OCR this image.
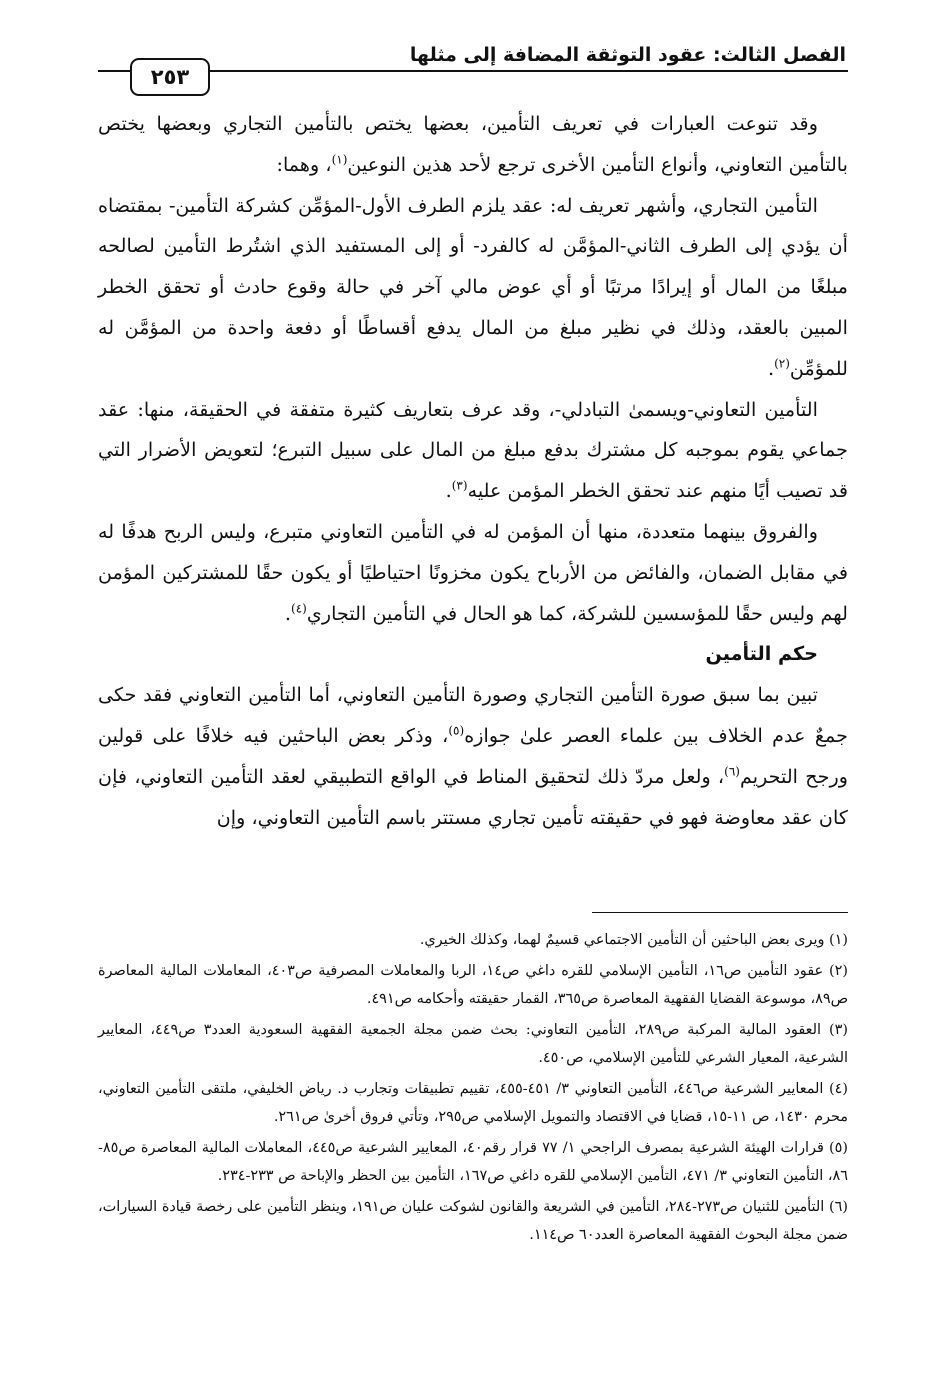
الفصل الثالث: عقود التوثقة المضافة إلى مثلها
٢٥٣

وقد تنوعت العبارات في تعريف التأمين، بعضها يختص بالتأمين التجاري وبعضها يختص بالتأمين التعاوني، وأنواع التأمين الأخرى ترجع لأحد هذين النوعين$^{(١)}$، وهما:

التأمين التجاري، وأشهر تعريف له: عقد يلزم الطرف الأول-المؤمِّن كشركة التأمين- بمقتضاه أن يؤدي إلى الطرف الثاني-المؤمَّن له كالفرد- أو إلى المستفيد الذي اشتُرط التأمين لصالحه مبلغًا من المال أو إيرادًا مرتبًا أو أي عوض مالي آخر في حالة وقوع حادث أو تحقق الخطر المبين بالعقد، وذلك في نظير مبلغ من المال يدفع أقساطًا أو دفعة واحدة من المؤمَّن له للمؤمِّن$^{(٢)}$.

التأمين التعاوني-ويسمىٰ التبادلي-، وقد عرف بتعاريف كثيرة متفقة في الحقيقة، منها: عقد جماعي يقوم بموجبه كل مشترك بدفع مبلغ من المال على سبيل التبرع؛ لتعويض الأضرار التي قد تصيب أيًا منهم عند تحقق الخطر المؤمن عليه$^{(٣)}$.

والفروق بينهما متعددة، منها أن المؤمن له في التأمين التعاوني متبرع، وليس الربح هدفًا له في مقابل الضمان، والفائض من الأرباح يكون مخزونًا احتياطيًا أو يكون حقًا للمشتركين المؤمن لهم وليس حقًا للمؤسسين للشركة، كما هو الحال في التأمين التجاري$^{(٤)}$.

حكم التأمين

تبين بما سبق صورة التأمين التجاري وصورة التأمين التعاوني، أما التأمين التعاوني فقد حكى جمعٌ عدم الخلاف بين علماء العصر علىٰ جوازه$^{(٥)}$، وذكر بعض الباحثين فيه خلافًا على قولين ورجح التحريم$^{(٦)}$، ولعل مردّ ذلك لتحقيق المناط في الواقع التطبيقي لعقد التأمين التعاوني، فإن كان عقد معاوضة فهو في حقيقته تأمين تجاري مستتر باسم التأمين التعاوني، وإن

(١) ويرى بعض الباحثين أن التأمين الاجتماعي قسيمٌ لهما، وكذلك الخيري.

(٢) عقود التأمين ص١٦، التأمين الإسلامي للقره داغي ص١٤، الربا والمعاملات المصرفية ص٤٠٣، المعاملات المالية المعاصرة ص٨٩، موسوعة القضايا الفقهية المعاصرة ص٣٦٥، القمار حقيقته وأحكامه ص٤٩١.

(٣) العقود المالية المركبة ص٢٨٩، التأمين التعاوني: بحث ضمن مجلة الجمعية الفقهية السعودية العدد٣ ص٤٤٩، المعايير الشرعية، المعيار الشرعي للتأمين الإسلامي، ص٤٥٠.

(٤) المعايير الشرعية ص٤٤٦، التأمين التعاوني ٣/ ٤٥١-٤٥٥، تقييم تطبيقات وتجارب د. رياض الخليفي، ملتقى التأمين التعاوني، محرم ١٤٣٠، ص ١١-١٥، قضايا في الاقتصاد والتمويل الإسلامي ص٢٩٥، وتأتي فروق أخرىٰ ص٢٦١.

(٥) قرارات الهيئة الشرعية بمصرف الراجحي ١/ ٧٧ قرار رقم٤٠، المعايير الشرعية ص٤٤٥، المعاملات المالية المعاصرة ص٨٥- ٨٦، التأمين التعاوني ٣/ ٤٧١، التأمين الإسلامي للقره داغي ص١٦٧، التأمين بين الحظر والإباحة ص ٢٣٣-٢٣٤.

(٦) التأمين للثنيان ص٢٧٣-٢٨٤، التأمين في الشريعة والقانون لشوكت عليان ص١٩١، وينظر التأمين على رخصة قيادة السيارات، ضمن مجلة البحوث الفقهية المعاصرة العدد٦٠ ص١١٤.
